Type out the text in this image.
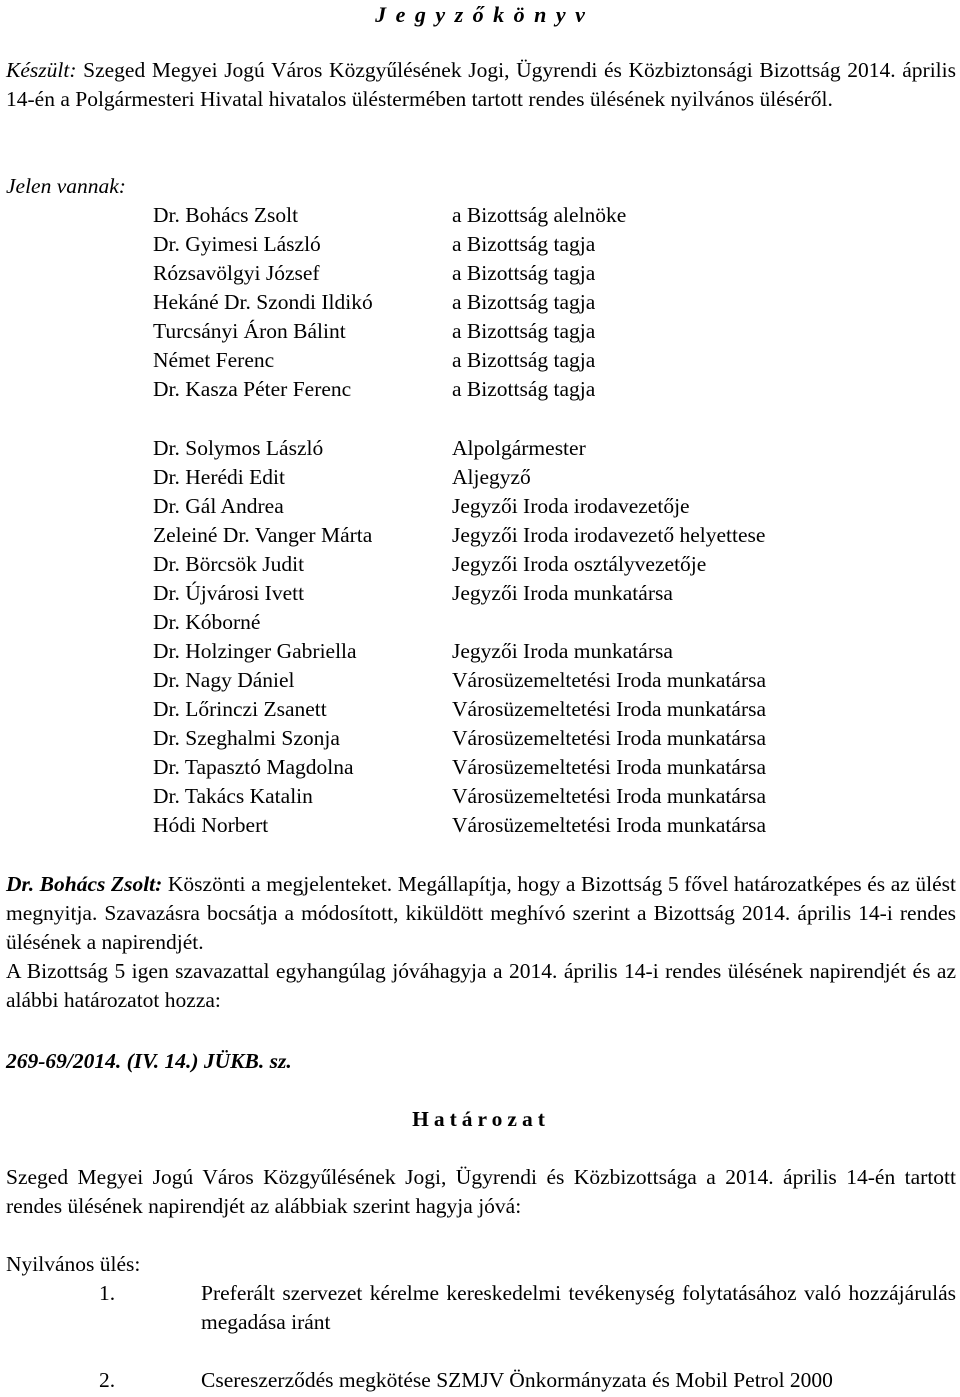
J e g y z ő k ö n y v
Készült: Szeged Megyei Jogú Város Közgyűlésének Jogi, Ügyrendi és Közbiztonsági Bizottság 2014. április 14-én a Polgármesteri Hivatal hivatalos üléstermében tartott rendes ülésének nyilvános üléséről.
Jelen vannak:
Dr. Bohács Zsolt	a Bizottság alelnöke
Dr. Gyimesi László	a Bizottság tagja
Rózsavölgyi József	a Bizottság tagja
Hekáné Dr. Szondi Ildikó	a Bizottság tagja
Turcsányi Áron Bálint	a Bizottság tagja
Német Ferenc	a Bizottság tagja
Dr. Kasza Péter Ferenc	a Bizottság tagja
Dr. Solymos László	Alpolgármester
Dr. Herédi Edit	Aljegyző
Dr. Gál Andrea	Jegyzői Iroda irodavezetője
Zeleiné Dr. Vanger Márta	Jegyzői Iroda irodavezető helyettese
Dr. Börcsök Judit	Jegyzői Iroda osztályvezetője
Dr. Újvárosi Ivett	Jegyzői Iroda munkatársa
Dr. Kóborné
Dr. Holzinger Gabriella	Jegyzői Iroda munkatársa
Dr. Nagy Dániel	Városüzemeltetési Iroda munkatársa
Dr. Lőrinczi Zsanett	Városüzemeltetési Iroda munkatársa
Dr. Szeghalmi Szonja	Városüzemeltetési Iroda munkatársa
Dr. Tapasztó Magdolna	Városüzemeltetési Iroda munkatársa
Dr. Takács Katalin	Városüzemeltetési Iroda munkatársa
Hódi Norbert	Városüzemeltetési Iroda munkatársa
Dr. Bohács Zsolt: Köszönti a megjelenteket. Megállapítja, hogy a Bizottság 5 fővel határozatképes és az ülést megnyitja. Szavazásra bocsátja a módosított, kiküldött meghívó szerint a Bizottság 2014. április 14-i rendes ülésének a napirendjét.
A Bizottság 5 igen szavazattal egyhangúlag jóváhagyja a 2014. április 14-i rendes ülésének napirendjét és az alábbi határozatot hozza:
269-69/2014. (IV. 14.) JÜKB. sz.
Határozat
Szeged Megyei Jogú Város Közgyűlésének Jogi, Ügyrendi és Közbizottsága a 2014. április 14-én tartott rendes ülésének napirendjét az alábbiak szerint hagyja jóvá:
Nyilvános ülés:
1.	Preferált szervezet kérelme kereskedelmi tevékenység folytatásához való hozzájárulás megadása iránt
2.	Csereszerződés megkötése SZMJV Önkormányzata és Mobil Petrol 2000
